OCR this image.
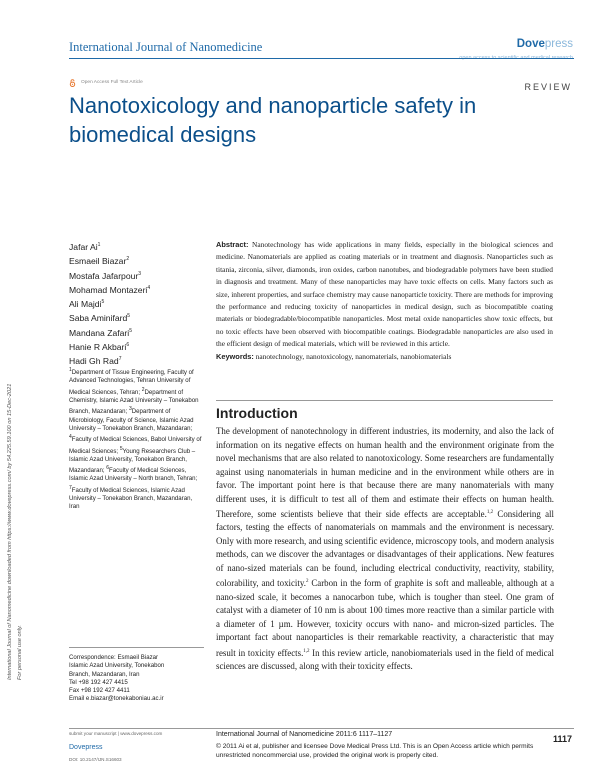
International Journal of Nanomedicine	Dovepress
open access to scientific and medical research
Open Access Full Text Article	REVIEW
Nanotoxicology and nanoparticle safety in biomedical designs
International Journal of Nanomedicine downloaded from https://www.dovepress.com/ by 54.225.59.100 on 15-Dec-2021 For personal use only.
Jafar Ai$^1$
Esmaeil Biazar$^2$
Mostafa Jafarpour$^3$
Mohamad Montazeri$^4$
Ali Majdi$^5$
Saba Aminifard$^5$
Mandana Zafari$^5$
Hanie R Akbari$^6$
Hadi Gh Rad$^7$
$^1$Department of Tissue Engineering, Faculty of Advanced Technologies, Tehran University of Medical Sciences, Tehran; $^2$Department of Chemistry, Islamic Azad University – Tonekabon Branch, Mazandaran; $^3$Department of Microbiology, Faculty of Science, Islamic Azad University – Tonekabon Branch, Mazandaran; $^4$Faculty of Medical Sciences, Babol University of Medical Sciences; $^5$Young Researchers Club – Islamic Azad University, Tonekabon Branch, Mazandaran; $^6$Faculty of Medical Sciences, Islamic Azad University – North branch, Tehran; $^7$Faculty of Medical Sciences, Islamic Azad University – Tonekabon Branch, Mazandaran, Iran
Correspondence: Esmaeil Biazar
Islamic Azad University, Tonekabon
Branch, Mazandaran, Iran
Tel +98 192 427 4415
Fax +98 192 427 4411
Email e.biazar@tonekaboniau.ac.ir
Abstract: Nanotechnology has wide applications in many fields, especially in the biological sciences and medicine. Nanomaterials are applied as coating materials or in treatment and diagnosis. Nanoparticles such as titania, zirconia, silver, diamonds, iron oxides, carbon nanotubes, and biodegradable polymers have been studied in diagnosis and treatment. Many of these nanoparticles may have toxic effects on cells. Many factors such as size, inherent properties, and surface chemistry may cause nanoparticle toxicity. There are methods for improving the performance and reducing toxicity of nanoparticles in medical design, such as biocompatible coating materials or biodegradable/biocompatible nanoparticles. Most metal oxide nanoparticles show toxic effects, but no toxic effects have been observed with biocompatible coatings. Biodegradable nanoparticles are also used in the efficient design of medical materials, which will be reviewed in this article.
Keywords: nanotechnology, nanotoxicology, nanomaterials, nanobiomaterials
Introduction

The development of nanotechnology in different industries, its modernity, and also the lack of information on its negative effects on human health and the environment originate from the novel mechanisms that are also related to nanotoxicology. Some researchers are fundamentally against using nanomaterials in human medicine and in the environment while others are in favor. The important point here is that because there are many nanomaterials with many different uses, it is difficult to test all of them and estimate their effects on human health. Therefore, some scientists believe that their side effects are acceptable.$^{1,2}$ Considering all factors, testing the effects of nanomaterials on mammals and the environment is necessary. Only with more research, and using scientific evidence, microscopy tools, and modern analysis methods, can we discover the advantages or disadvantages of their applications. New features of nano-sized materials can be found, including electrical conductivity, reactivity, stability, colorability, and toxicity.$^2$ Carbon in the form of graphite is soft and malleable, although at a nano-sized scale, it becomes a nanocarbon tube, which is tougher than steel. One gram of catalyst with a diameter of 10 nm is about 100 times more reactive than a similar particle with a diameter of 1 µm. However, toxicity occurs with nano- and micron-sized particles. The important fact about nanoparticles is their remarkable reactivity, a characteristic that may result in toxicity effects.$^{1,2}$ In this review article, nanobiomaterials used in the field of medical sciences are discussed, along with their toxicity effects.

submit your manuscript | www.dovepress.com
Dovepress
DOI: 10.2147/IJN.S16603
International Journal of Nanomedicine 2011:6 1117–1127
© 2011 Ai et al, publisher and licensee Dove Medical Press Ltd. This is an Open Access article which permits unrestricted noncommercial use, provided the original work is properly cited.
1117
